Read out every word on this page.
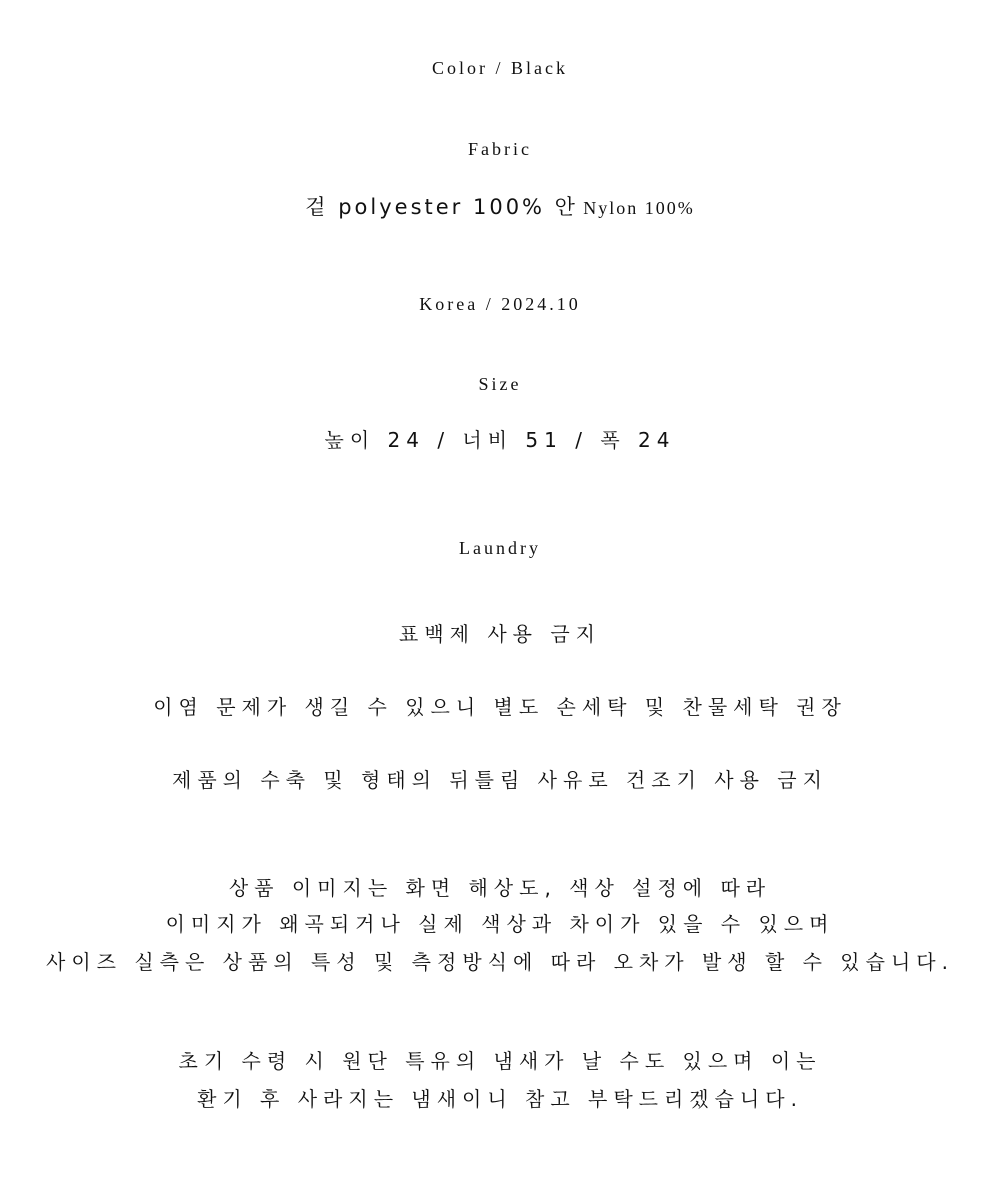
Color / Black
Fabric
겉 polyester 100% 안 Nylon 100%
Korea / 2024.10
Size
높이 24 / 너비 51 / 폭 24
Laundry
표백제 사용 금지
이염 문제가 생길 수 있으니 별도 손세탁 및 찬물세탁 권장
제품의 수축 및 형태의 뒤틀림 사유로 건조기 사용 금지
상품 이미지는 화면 해상도, 색상 설정에 따라
이미지가 왜곡되거나 실제 색상과 차이가 있을 수 있으며
사이즈 실측은 상품의 특성 및 측정방식에 따라 오차가 발생 할 수 있습니다.
초기 수령 시 원단 특유의 냄새가 날 수도 있으며 이는
환기 후 사라지는 냄새이니 참고 부탁드리겠습니다.
